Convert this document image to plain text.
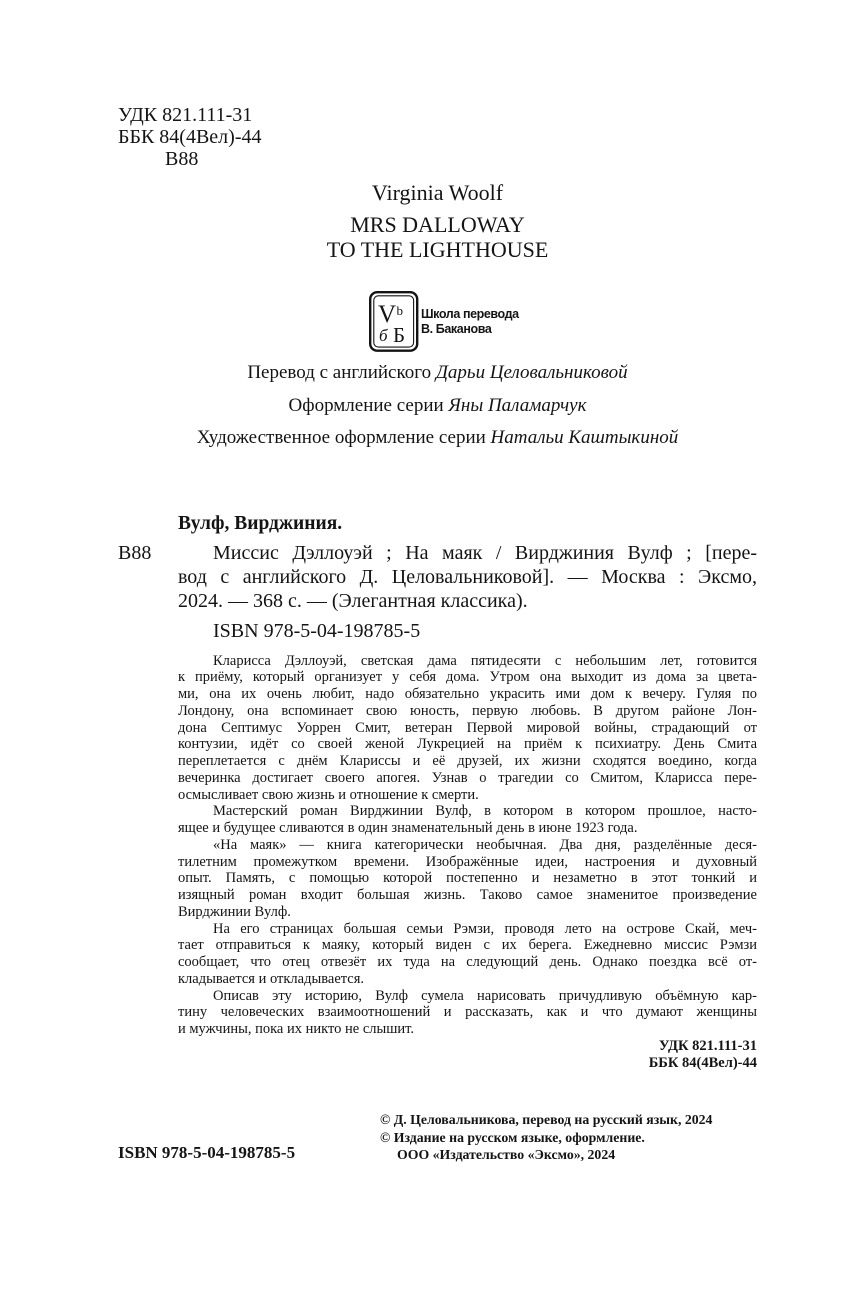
УДК 821.111-31
ББК 84(4Вел)-44
В88
Virginia Woolf
MRS DALLOWAY
TO THE LIGHTHOUSE
V b
б Б
Школа перевода
В. Баканова
Перевод с английского Дарьи Целовальниковой
Оформление серии Яны Паламарчук
Художественное оформление серии Натальи Каштыкиной
Вулф, Вирджиния.
В88	Миссис Дэллоуэй ; На маяк / Вирджиния Вулф ; [пере-
вод с английского Д. Целовальниковой]. — Москва : Эксмо,
2024. — 368 с. — (Элегантная классика).
ISBN 978-5-04-198785-5
Кларисса Дэллоуэй, светская дама пятидесяти с небольшим лет, готовится
к приёму, который организует у себя дома. Утром она выходит из дома за цвета-
ми, она их очень любит, надо обязательно украсить ими дом к вечеру. Гуляя по
Лондону, она вспоминает свою юность, первую любовь. В другом районе Лон-
дона Септимус Уоррен Смит, ветеран Первой мировой войны, страдающий от
контузии, идёт со своей женой Лукрецией на приём к психиатру. День Смита
переплетается с днём Клариссы и её друзей, их жизни сходятся воедино, когда
вечеринка достигает своего апогея. Узнав о трагедии со Смитом, Кларисса пере-
осмысливает свою жизнь и отношение к смерти.
Мастерский роман Вирджинии Вулф, в котором в котором прошлое, насто-
ящее и будущее сливаются в один знаменательный день в июне 1923 года.
«На маяк» — книга категорически необычная. Два дня, разделённые деся-
тилетним промежутком времени. Изображённые идеи, настроения и духовный
опыт. Память, с помощью которой постепенно и незаметно в этот тонкий и
изящный роман входит большая жизнь. Таково самое знаменитое произведение
Вирджинии Вулф.
На его страницах большая семьи Рэмзи, проводя лето на острове Скай, меч-
тает отправиться к маяку, который виден с их берега. Ежедневно миссис Рэмзи
сообщает, что отец отвезёт их туда на следующий день. Однако поездка всё от-
кладывается и откладывается.
Описав эту историю, Вулф сумела нарисовать причудливую объёмную кар-
тину человеческих взаимоотношений и рассказать, как и что думают женщины
и мужчины, пока их никто не слышит.
УДК 821.111-31
ББК 84(4Вел)-44
© Д. Целовальникова, перевод на русский язык, 2024
© Издание на русском языке, оформление.
ООО «Издательство «Эксмо», 2024
ISBN 978-5-04-198785-5
